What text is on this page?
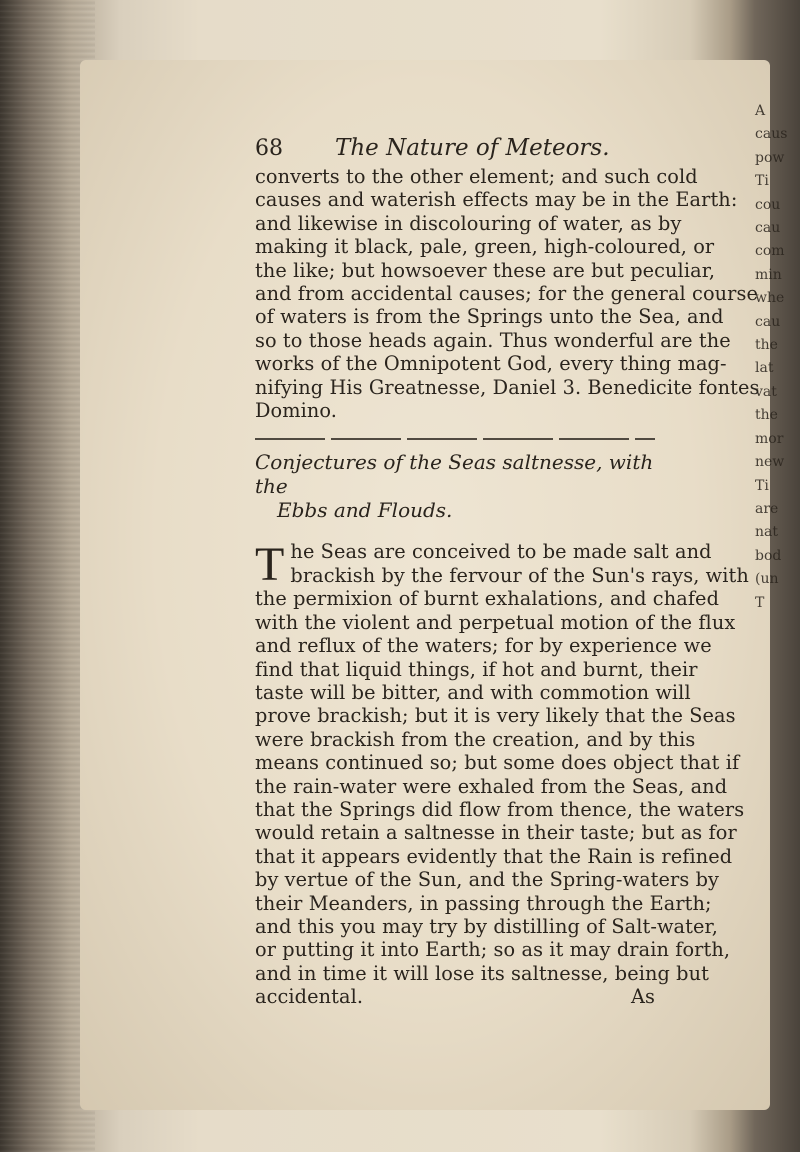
68	The Nature of Meteors.

converts to the other element; and such cold
causes and waterish effects may be in the Earth:
and likewise in discolouring of water, as by
making it black, pale, green, high-coloured, or
the like; but howsoever these are but peculiar,
and from accidental causes; for the general course
of waters is from the Springs unto the Sea, and
so to those heads again. Thus wonderful are the
works of the Omnipotent God, every thing mag-
nifying His Greatnesse, Daniel 3. Benedicite fontes
Domino.

Conjectures of the Seas saltnesse, with the
Ebbs and Flouds.

T he Seas are conceived to be made salt and
brackish by the fervour of the Sun's rays, with
the permixion of burnt exhalations, and chafed
with the violent and perpetual motion of the flux
and reflux of the waters; for by experience we
find that liquid things, if hot and burnt, their
taste will be bitter, and with commotion will
prove brackish; but it is very likely that the Seas
were brackish from the creation, and by this
means continued so; but some does object that if
the rain-water were exhaled from the Seas, and
that the Springs did flow from thence, the waters
would retain a saltnesse in their taste; but as for
that it appears evidently that the Rain is refined
by vertue of the Sun, and the Spring-waters by
their Meanders, in passing through the Earth;
and this you may try by distilling of Salt-water,
or putting it into Earth; so as it may drain forth,
and in time it will lose its saltnesse, being but
accidental.	As

A
caus
pow
Ti
cou
cau
com
min
whe
cau
the
lat
vat
the
mor
new
Ti
are
nat
bod
(un
T
